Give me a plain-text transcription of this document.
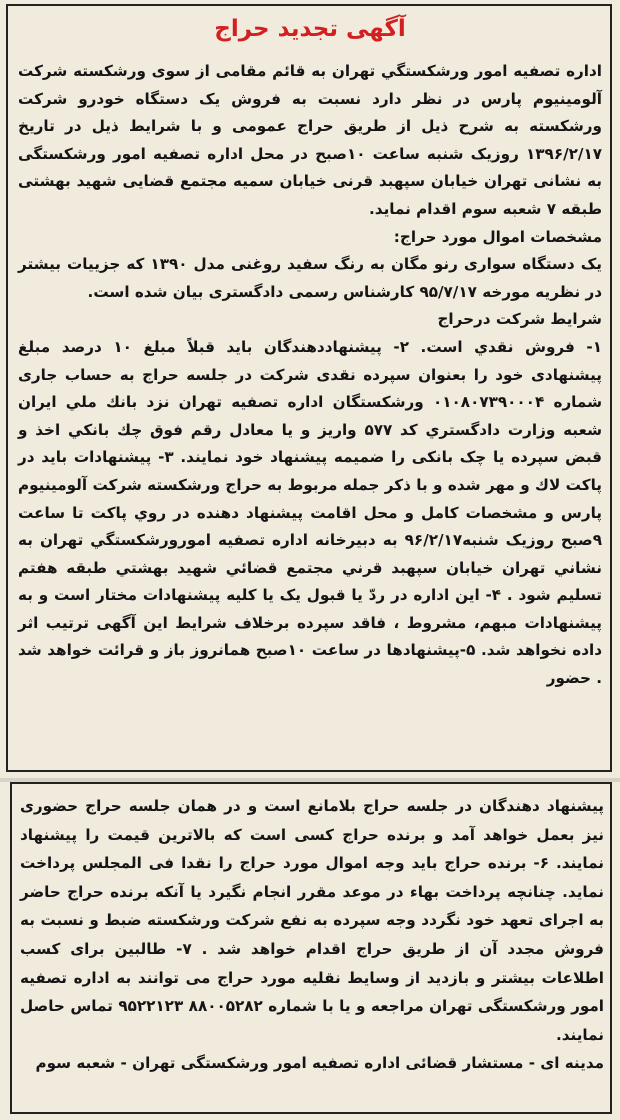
آگهی تجدید حراج

اداره تصفیه امور ورشکستگي تهران به قائم مقامی از سوی ورشکسته شرکت آلومینیوم پارس در نظر دارد نسبت به فروش یک دستگاه خودرو شرکت ورشکسته به شرح ذیل از طریق حراج عمومی و با شرایط ذیل در تاریخ ۱۳۹۶/۲/۱۷ روزیک شنبه ساعت ۱۰صبح در محل اداره تصفیه امور ورشکستگی به نشانی تهران خیابان سپهبد قرنی خیابان سمیه مجتمع قضایی شهید بهشتی طبقه ۷ شعبه سوم اقدام نماید.

مشخصات اموال مورد حراج:

یک دستگاه سواری رنو مگان به رنگ سفید روغنی مدل ۱۳۹۰ که جزییات بیشتر در نظریه مورخه ۹۵/۷/۱۷ کارشناس رسمی دادگستری بیان شده است.

شرایط شرکت درحراج

۱- فروش نقدي است. ۲- پیشنهاددهندگان باید قبلاً مبلغ ۱۰ درصد مبلغ پیشنهادی خود را بعنوان سپرده نقدی شرکت در جلسه حراج به حساب جاری شماره ۰۱۰۸۰۷۳۹۰۰۰۴ ورشکستگان اداره تصفیه تهران نزد بانك ملي ایران شعبه وزارت دادگستري کد ۵۷۷ واریز و یا معادل رقم فوق چك بانکي اخذ و قبض سپرده یا چک بانکی را ضمیمه پیشنهاد خود نمایند. ۳- پیشنهادات باید در پاکت لاك و مهر شده و با ذکر جمله مربوط به حراج ورشکسته شرکت آلومینیوم پارس و مشخصات کامل و محل اقامت پیشنهاد دهنده در روي پاکت تا ساعت ۹صبح روزیک شنبه۹۶/۲/۱۷ به دبیرخانه اداره تصفیه امورورشکستگي تهران به نشاني تهران خیابان سپهبد قرني مجتمع قضائي شهید بهشتي طبقه هفتم تسلیم شود . ۴- این اداره در ردّ یا قبول یک یا کلیه پیشنهادات مختار است و به پیشنهادات مبهم، مشروط ، فاقد سپرده برخلاف شرایط این آگهی ترتیب اثر داده نخواهد شد. ۵-پیشنهادها در ساعت ۱۰صبح همانروز باز و قرائت خواهد شد . حضور

پیشنهاد دهندگان در جلسه حراج بلامانع است و در همان جلسه حراج حضوری نیز بعمل خواهد آمد و برنده حراج کسی است که بالاترین قیمت را پیشنهاد نمایند. ۶- برنده حراج باید وجه اموال مورد حراج را نقدا فی المجلس پرداخت نماید. چنانچه پرداخت بهاء در موعد مقرر انجام نگیرد یا آنکه برنده حراج حاضر به اجرای تعهد خود نگردد وجه سپرده به نفع شرکت ورشکسته ضبط و نسبت به فروش مجدد آن از طریق حراج اقدام خواهد شد . ۷- طالبین برای کسب اطلاعات بیشتر و بازدید از وسایط نقلیه مورد حراج می توانند به اداره تصفیه امور ورشکستگی تهران مراجعه و یا با شماره ۸۸۰۰۵۲۸۲ ۹۵۲۲۱۲۳ تماس حاصل نمایند.

مدینه ای - مستشار قضائی اداره تصفیه امور ورشکستگی تهران - شعبه سوم
